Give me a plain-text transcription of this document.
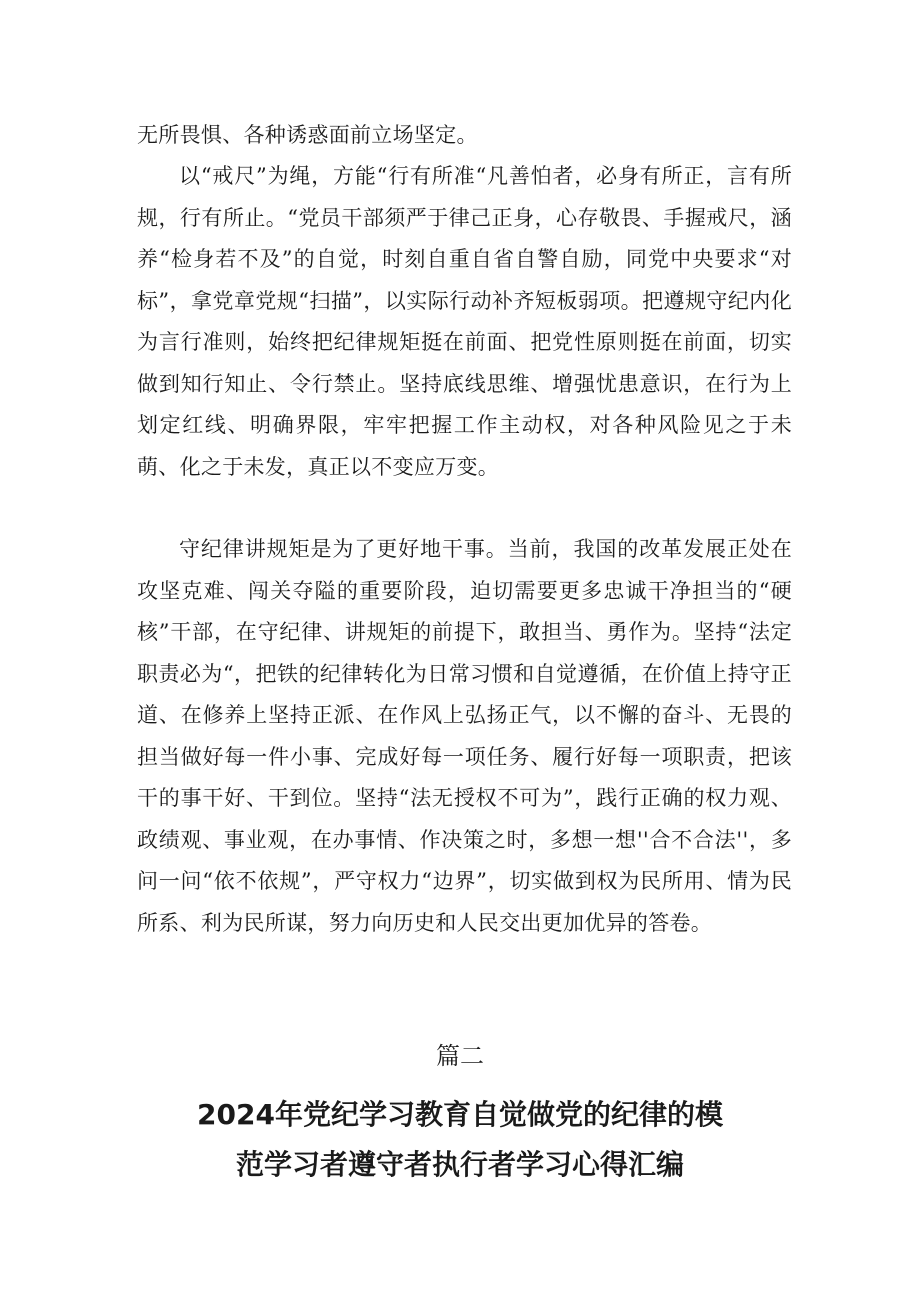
无所畏惧、各种诱惑面前立场坚定。

以“戒尺”为绳，方能“行有所准“凡善怕者，必身有所正，言有所规，行有所止。“党员干部须严于律己正身，心存敬畏、手握戒尺，涵养“检身若不及”的自觉，时刻自重自省自警自励，同党中央要求“对标”，拿党章党规“扫描”，以实际行动补齐短板弱项。把遵规守纪内化为言行准则，始终把纪律规矩挺在前面、把党性原则挺在前面，切实做到知行知止、令行禁止。坚持底线思维、增强忧患意识，在行为上划定红线、明确界限，牢牢把握工作主动权，对各种风险见之于未萌、化之于未发，真正以不变应万变。

守纪律讲规矩是为了更好地干事。当前，我国的改革发展正处在攻坚克难、闯关夺隘的重要阶段，迫切需要更多忠诚干净担当的“硬核”干部，在守纪律、讲规矩的前提下，敢担当、勇作为。坚持“法定职责必为“，把铁的纪律转化为日常习惯和自觉遵循，在价值上持守正道、在修养上坚持正派、在作风上弘扬正气，以不懈的奋斗、无畏的担当做好每一件小事、完成好每一项任务、履行好每一项职责，把该干的事干好、干到位。坚持“法无授权不可为”，践行正确的权力观、政绩观、事业观，在办事情、作决策之时，多想一想''合不合法''，多问一问“依不依规”，严守权力“边界”，切实做到权为民所用、情为民所系、利为民所谋，努力向历史和人民交出更加优异的答卷。

篇二

2024年党纪学习教育自觉做党的纪律的模范学习者遵守者执行者学习心得汇编
